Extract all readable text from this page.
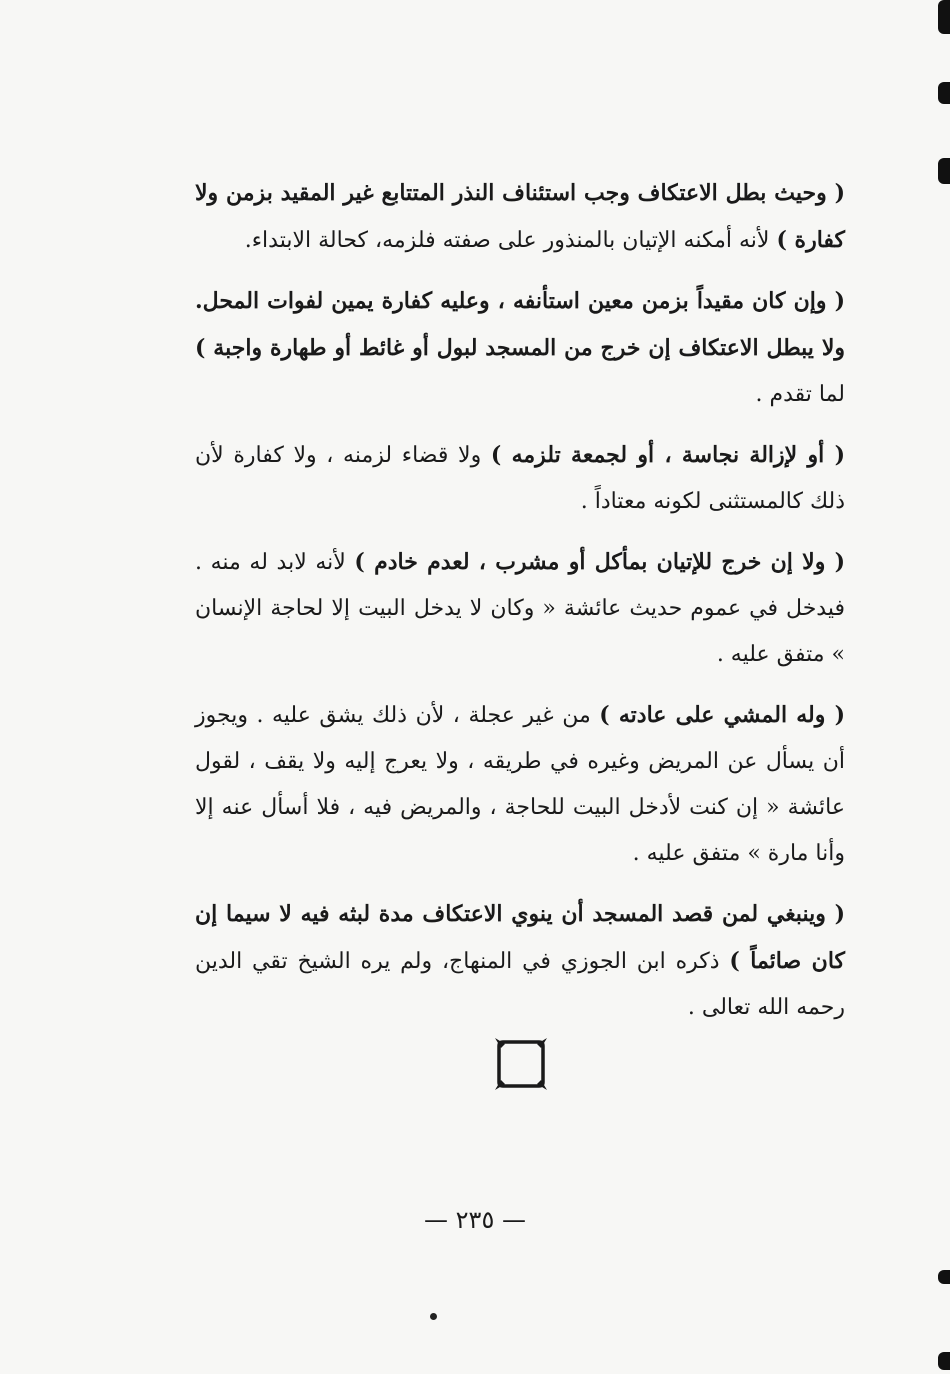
( وحيث بطل الاعتكاف وجب استئناف النذر المتتابع غير المقيد بزمن ولا كفارة ) لأنه أمكنه الإتيان بالمنذور على صفته فلزمه، كحالة الابتداء.

( وإن كان مقيداً بزمن معين استأنفه ، وعليه كفارة يمين لفوات المحل. ولا يبطل الاعتكاف إن خرج من المسجد لبول أو غائط أو طهارة واجبة ) لما تقدم .

( أو لإزالة نجاسة ، أو لجمعة تلزمه ) ولا قضاء لزمنه ، ولا كفارة لأن ذلك كالمستثنى لكونه معتاداً .

( ولا إن خرج للإتيان بمأكل أو مشرب ، لعدم خادم ) لأنه لابد له منه . فيدخل في عموم حديث عائشة « وكان لا يدخل البيت إلا لحاجة الإنسان » متفق عليه .

( وله المشي على عادته ) من غير عجلة ، لأن ذلك يشق عليه . ويجوز أن يسأل عن المريض وغيره في طريقه ، ولا يعرج إليه ولا يقف ، لقول عائشة « إن كنت لأدخل البيت للحاجة ، والمريض فيه ، فلا أسأل عنه إلا وأنا مارة » متفق عليه .

( وينبغي لمن قصد المسجد أن ينوي الاعتكاف مدة لبثه فيه لا سيما إن كان صائماً ) ذكره ابن الجوزي في المنهاج، ولم يره الشيخ تقي الدين رحمه الله تعالى .

— ٢٣٥ —
